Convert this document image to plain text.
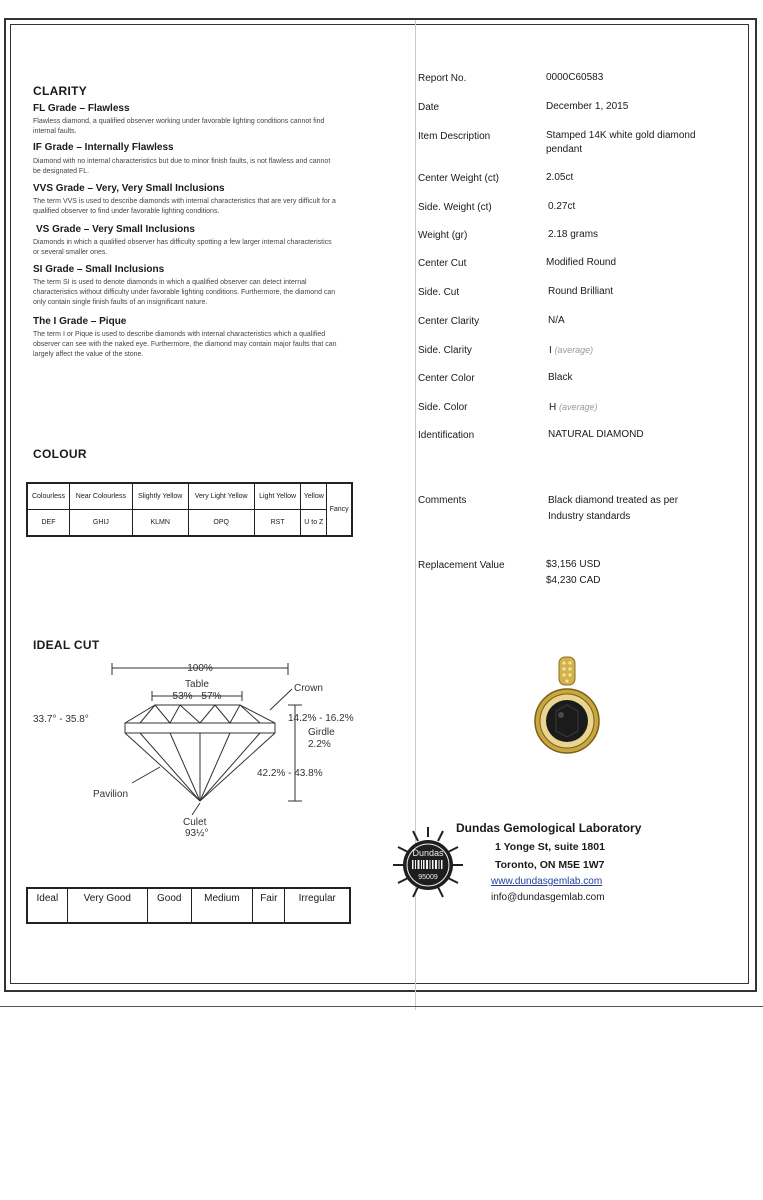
CLARITY
FL Grade – Flawless
Flawless diamond, a qualified observer working under favorable lighting conditions cannot find internal faults.
IF Grade – Internally Flawless
Diamond with no internal characteristics but due to minor finish faults, is not flawless and cannot be designated FL.
VVS Grade – Very, Very Small Inclusions
The term VVS is used to describe diamonds with internal characteristics that are very difficult for a qualified observer to find under favorable lighting conditions.
VS Grade – Very Small Inclusions
Diamonds in which a qualified observer has difficulty spotting a few larger internal characteristics or several smaller ones.
SI Grade – Small Inclusions
The term SI is used to denote diamonds in which a qualified observer can detect internal characteristics without difficulty under favorable lighting conditions. Furthermore, the diamond can only contain single finish faults of an insignificant nature.
The I Grade – Pique
The term I or Pique is used to describe diamonds with internal characteristics which a qualified observer can see with the naked eye. Furthermore, the diamond may contain major faults that can largely affect the value of the stone.
COLOUR
Colourless	Near Colourless	Slightly Yellow	Very Light Yellow	Light Yellow	Yellow	Fancy
DEF	GHIJ	KLMN	OPQ	RST	U to Z	
IDEAL CUT
100%
Table
53% - 57%
Crown
33.7° - 35.8°	14.2% - 16.2%
Girdle
2.2%
42.2% - 43.8%
Pavilion
Culet
93½°
Ideal	Very Good	Good	Medium	Fair	Irregular
Report No.	0000C60583
Date	December 1, 2015
Item Description	Stamped 14K white gold diamond pendant
Center Weight (ct)	2.05ct
Side. Weight (ct)	0.27ct
Weight (gr)	2.18 grams
Center Cut	Modified Round
Side. Cut	Round Brilliant
Center Clarity	N/A
Side. Clarity	I (average)
Center Color	Black
Side. Color	H (average)
Identification	NATURAL DIAMOND
Comments	Black diamond treated as per Industry standards
Replacement Value	$3,156 USD
$4,230 CAD
Dundas
95009
Dundas Gemological Laboratory
1 Yonge St, suite 1801
Toronto, ON M5E 1W7
www.dundasgemlab.com
info@dundasgemlab.com
